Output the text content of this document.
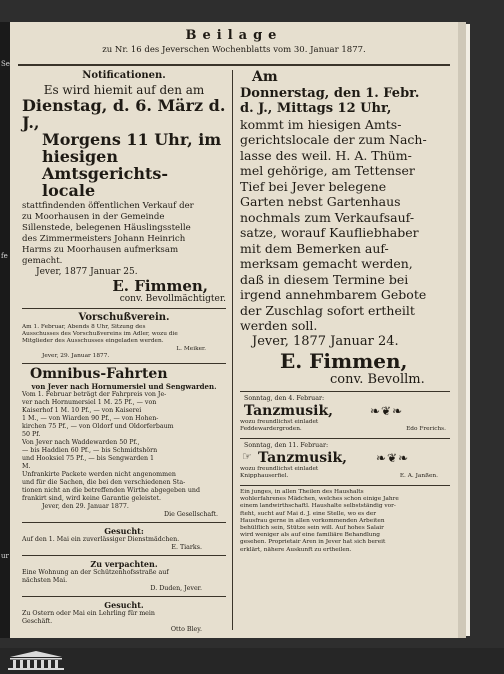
Se
fe
ur
Beilage
zu Nr. 16 des Jeverschen Wochenblatts vom 30. Januar 1877.
Notificationen.
Es wird hiemit auf den am
Dienstag, d. 6. März d. J.,
Morgens 11 Uhr, im
hiesigen Amtsgerichts-
locale
stattfindenden öffentlichen Verkauf der
zu Moorhausen in der Gemeinde
Sillenstede, belegenen Häuslingsstelle
des Zimmermeisters Johann Heinrich
Harms zu Moorhausen aufmerksam
gemacht.
Jever, 1877 Januar 25.
E. Fimmen,
conv. Bevollmächtigter.
Vorschußverein.
Am 1. Februar, Abends 8 Uhr, Sitzung des
Ausschusses des Vorschußvereins im Adler, wozu die
Mitglieder des Ausschusses eingeladen werden.
L. Meiker.
Jever, 29. Januar 1877.
Omnibus-Fahrten
von Jever nach Hornumersiel und Sengwarden.
Vom 1. Februar beträgt der Fahrpreis von Je-
ver nach Hornumersiel 1 M. 25 Pf., — von
Kaiserhof 1 M. 10 Pf., — von Kaiserei
1 M., — von Wiarden 90 Pf., — von Hohen-
kirchen 75 Pf., — von Oldorf und Oldorferbaum
50 Pf.
Von Jever nach Waddewarden 50 Pf.,
— bis Haddien 60 Pf., — bis Schmidtshörn
und Hooksiel 75 Pf., — bis Sengwarden 1
M.
Unfrankirte Packete werden nicht angenommen
und für die Sachen, die bei den verschiedenen Sta-
tionen nicht an die betreffenden Wirthe abgegeben und
frankirt sind, wird keine Garantie geleistet.
Jever, den 29. Januar 1877.
Die Gesellschaft.
Gesucht:
Auf den 1. Mai ein zuverlässiger Dienstmädchen.
E. Tiarks.
Zu verpachten.
Eine Wohnung an der Schützenhofsstraße auf
nächsten Mai.
D. Duden, Jever.
Gesucht.
Zu Ostern oder Mai ein Lehrling für mein
Geschäft.
Otto Bley.
Am
Donnerstag, den 1. Febr.
d. J., Mittags 12 Uhr,
kommt im hiesigen Amts-
gerichtslocale der zum Nach-
lasse des weil. H. A. Thüm-
mel gehörige, am Tettenser
Tief bei Jever belegene
Garten nebst Gartenhaus
nochmals zum Verkaufsauf-
satze, worauf Kaufliebhaber
mit dem Bemerken auf-
merksam gemacht werden,
daß in diesem Termine bei
irgend annehmbarem Gebote
der Zuschlag sofort ertheilt
werden soll.
Jever, 1877 Januar 24.
E. Fimmen,
conv. Bevollm.
Sonntag, den 4. Februar:
Tanzmusik,	❧❦❧
wozu freundlichst einladet
Feddewardergroden.	Edo Frerichs.
Sonntag, den 11. Februar:
☞ Tanzmusik, ❧❦❧
wozu freundlichst einladet
Knipphauserfiel.	E. A. Janßen.
Ein junges, in allen Theilen des Haushalts
wohlerfahrenes Mädchen, welches schon einige Jahre
einem landwirthschaftl. Haushalte selbstständig vor-
fteht, sucht auf Mai d. J. eine Stelle, wo es der
Hausfrau gerne in allen vorkommenden Arbeiten
behülflich sein, Stütze sein will. Auf hohes Salair
wird weniger als auf eine familiäre Behandlung
gesehen. Proprietair Aren in Jever hat sich bereit
erklärt, nähere Auskunft zu ertheilen.
